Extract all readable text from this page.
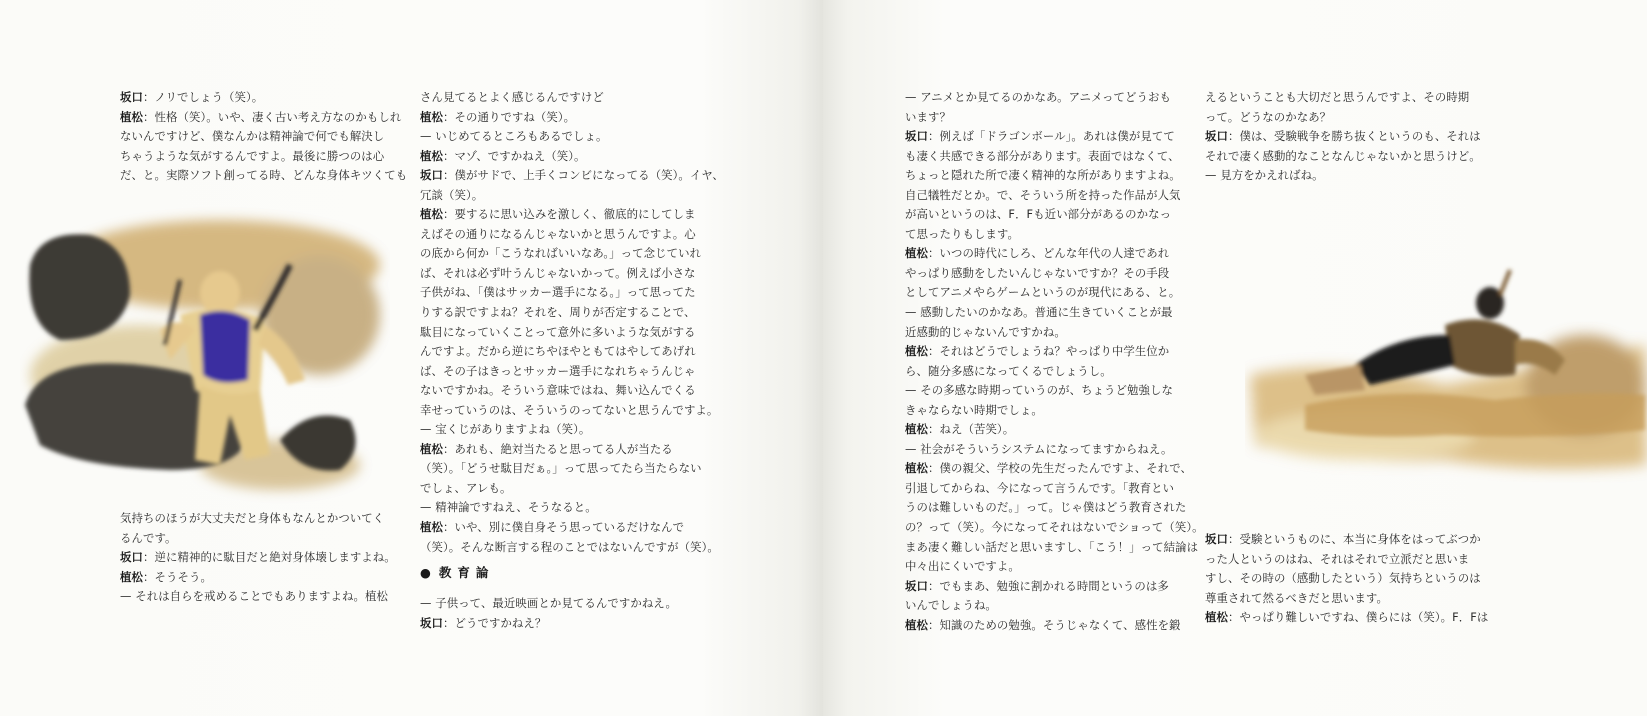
坂口：ノリでしょう（笑）。
植松：性格（笑）。いや、凄く古い考え方なのかもしれ
ないんですけど、僕なんかは精神論で何でも解決し
ちゃうような気がするんですよ。最後に勝つのは心
だ、と。実際ソフト創ってる時、どんな身体キツくても
気持ちのほうが大丈夫だと身体もなんとかついてく
るんです。
坂口：逆に精神的に駄目だと絶対身体壊しますよね。
植松：そうそう。
— それは自らを戒めることでもありますよね。植松
さん見てるとよく感じるんですけど
植松：その通りですね（笑）。
— いじめてるところもあるでしょ。
植松：マゾ、ですかねえ（笑）。
坂口：僕がサドで、上手くコンビになってる（笑）。イヤ、
冗談（笑）。
植松：要するに思い込みを激しく、徹底的にしてしま
えばその通りになるんじゃないかと思うんですよ。心
の底から何か「こうなればいいなあ。」って念じていれ
ば、それは必ず叶うんじゃないかって。例えば小さな
子供がね、「僕はサッカー選手になる。」って思ってた
りする訳ですよね？それを、周りが否定することで、
駄目になっていくことって意外に多いような気がする
んですよ。だから逆にちやほやともてはやしてあげれ
ば、その子はきっとサッカー選手になれちゃうんじゃ
ないですかね。そういう意味ではね、舞い込んでくる
幸せっていうのは、そういうのってないと思うんですよ。
— 宝くじがありますよね（笑）。
植松：あれも、絶対当たると思ってる人が当たる
（笑）。「どうせ駄目だぁ。」って思ってたら当たらない
でしょ、アレも。
— 精神論ですねえ、そうなると。
植松：いや、別に僕自身そう思っているだけなんで
（笑）。そんな断言する程のことではないんですが（笑）。
● 教育論
— 子供って、最近映画とか見てるんですかねえ。
坂口：どうですかねえ？
— アニメとか見てるのかなあ。アニメってどうおも
います？
坂口：例えば「ドラゴンボール」。あれは僕が見てて
も凄く共感できる部分があります。表面ではなくて、
ちょっと隠れた所で凄く精神的な所がありますよね。
自己犠牲だとか。で、そういう所を持った作品が人気
が高いというのは、F．Fも近い部分があるのかなっ
て思ったりもします。
植松：いつの時代にしろ、どんな年代の人達であれ
やっぱり感動をしたいんじゃないですか？その手段
としてアニメやらゲームというのが現代にある、と。
— 感動したいのかなあ。普通に生きていくことが最
近感動的じゃないんですかね。
植松：それはどうでしょうね？やっぱり中学生位か
ら、随分多感になってくるでしょうし。
— その多感な時期っていうのが、ちょうど勉強しな
きゃならない時期でしょ。
植松：ねえ（苦笑）。
— 社会がそういうシステムになってますからねえ。
植松：僕の親父、学校の先生だったんですよ、それで、
引退してからね、今になって言うんです。「教育とい
うのは難しいものだ。」って。じゃ僕はどう教育された
の？って（笑）。今になってそれはないでショって（笑）。
まあ凄く難しい話だと思いますし、「こう！」って結論は
中々出にくいですよ。
坂口：でもまあ、勉強に割かれる時間というのは多
いんでしょうね。
植松：知識のための勉強。そうじゃなくて、感性を鍛
えるということも大切だと思うんですよ、その時期
って。どうなのかなあ？
坂口：僕は、受験戦争を勝ち抜くというのも、それは
それで凄く感動的なことなんじゃないかと思うけど。
— 見方をかえればね。
坂口：受験というものに、本当に身体をはってぶつか
った人というのはね、それはそれで立派だと思いま
すし、その時の（感動したという）気持ちというのは
尊重されて然るべきだと思います。
植松：やっぱり難しいですね、僕らには（笑）。F．Fは
